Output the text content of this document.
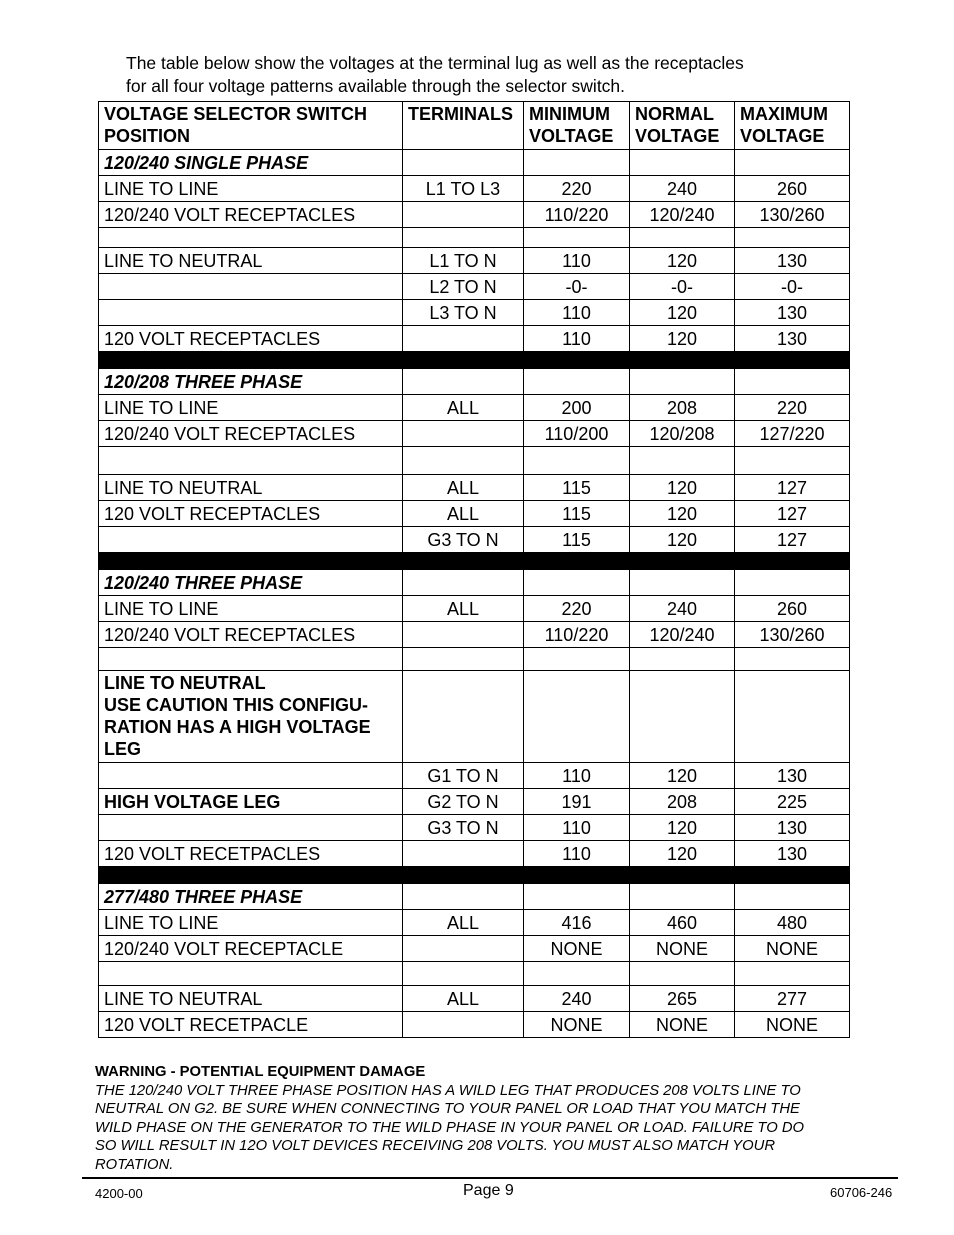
The table below show the voltages at the terminal lug as well as the receptacles

for all four voltage patterns available through the selector switch.

VOLTAGE SELECTOR SWITCH POSITION	TERMINALS	MINIMUM VOLTAGE	NORMAL VOLTAGE	MAXIMUM VOLTAGE
120/240 SINGLE PHASE				
LINE TO LINE	L1 TO L3	220	240	260
120/240 VOLT RECEPTACLES		110/220	120/240	130/260

LINE TO NEUTRAL	L1 TO N	110	120	130
	L2 TO N	-0-	-0-	-0-
	L3 TO N	110	120	130
120 VOLT RECEPTACLES		110	120	130

120/208 THREE PHASE				
LINE TO LINE	ALL	200	208	220
120/240 VOLT RECEPTACLES		110/200	120/208	127/220

LINE TO NEUTRAL	ALL	115	120	127
120 VOLT RECEPTACLES	ALL	115	120	127
	G3 TO N	115	120	127

120/240 THREE PHASE				
LINE TO LINE	ALL	220	240	260
120/240 VOLT RECEPTACLES		110/220	120/240	130/260

LINE TO NEUTRAL
USE CAUTION THIS CONFIGU-
RATION HAS A HIGH VOLTAGE
LEG				

	G1 TO N	110	120	130
HIGH VOLTAGE LEG	G2 TO N	191	208	225
	G3 TO N	110	120	130
120 VOLT RECETPACLES		110	120	130

277/480 THREE PHASE				
LINE TO LINE	ALL	416	460	480
120/240 VOLT RECEPTACLE		NONE	NONE	NONE

LINE TO NEUTRAL	ALL	240	265	277
120 VOLT RECETPACLE		NONE	NONE	NONE
WARNING - POTENTIAL EQUIPMENT DAMAGE

THE 120/240 VOLT THREE PHASE POSITION HAS A WILD LEG THAT PRODUCES 208 VOLTS LINE TO

NEUTRAL ON G2. BE SURE WHEN CONNECTING TO YOUR PANEL OR LOAD THAT YOU MATCH THE

WILD PHASE ON THE GENERATOR TO THE WILD PHASE IN YOUR PANEL OR LOAD. FAILURE TO DO

SO WILL RESULT IN 12O VOLT DEVICES RECEIVING 208 VOLTS. YOU MUST ALSO MATCH YOUR

ROTATION.

4200-00	Page 9	60706-246
